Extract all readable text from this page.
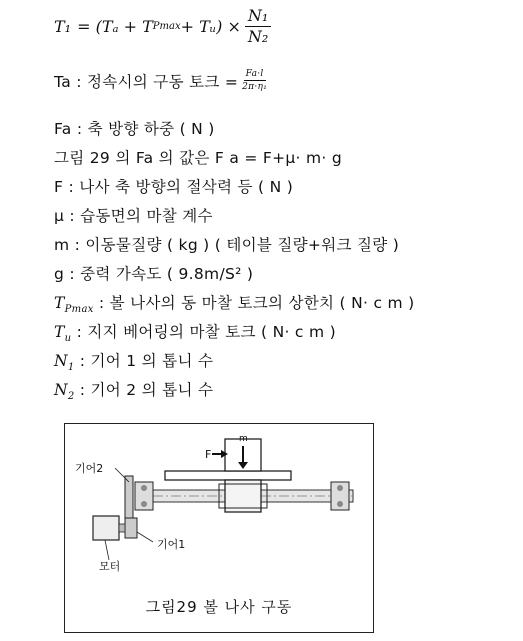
T₁ = (Tₐ + T Pmax + Tᵤ) × $\frac{\text{N₁}}{\text{N₂}}$
Ta : 정속시의 구동 토크 = $\frac{Fa\cdot l}{\text{2π·η₁}}$
Fa : 축 방향 하중 ( N )
그림 29 의 Fa 의 값은 F a = F+μ· m· g
F : 나사 축 방향의 절삭력 등 ( N )
μ : 습동면의 마찰 계수
m : 이동물질량 ( kg ) ( 테이블 질량+워크 질량 )
g : 중력 가속도 ( 9.8m/S² )
$T_{Pmax}$ : 볼 나사의 동 마찰 토크의 상한치 ( N· c m )
$T_u$ : 지지 베어링의 마찰 토크 ( N· c m )
$N_1$ : 기어 1 의 톱니 수
$N_2$ : 기어 2 의 톱니 수
F
m
기어2
기어1
모터
그림29 볼 나사 구동
